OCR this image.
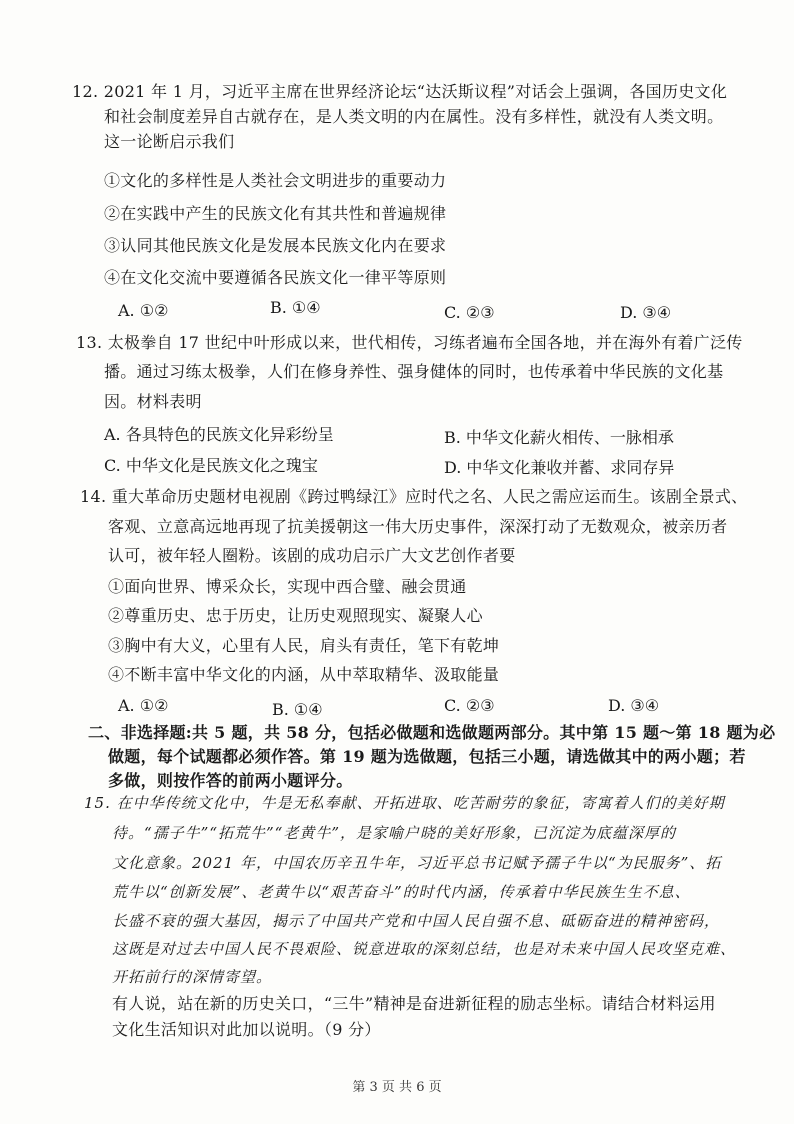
12. 2021 年 1 月，习近平主席在世界经济论坛“达沃斯议程”对话会上强调，各国历史文化
和社会制度差异自古就存在，是人类文明的内在属性。没有多样性，就没有人类文明。
这一论断启示我们
①文化的多样性是人类社会文明进步的重要动力
②在实践中产生的民族文化有其共性和普遍规律
③认同其他民族文化是发展本民族文化内在要求
④在文化交流中要遵循各民族文化一律平等原则
A. ①②	B. ①④	C. ②③	D. ③④
13. 太极拳自 17 世纪中叶形成以来，世代相传，习练者遍布全国各地，并在海外有着广泛传
播。通过习练太极拳，人们在修身养性、强身健体的同时，也传承着中华民族的文化基
因。材料表明
A. 各具特色的民族文化异彩纷呈	B. 中华文化薪火相传、一脉相承
C. 中华文化是民族文化之瑰宝	D. 中华文化兼收并蓄、求同存异
14. 重大革命历史题材电视剧《跨过鸭绿江》应时代之名、人民之需应运而生。该剧全景式、
客观、立意高远地再现了抗美援朝这一伟大历史事件，深深打动了无数观众，被亲历者
认可，被年轻人圈粉。该剧的成功启示广大文艺创作者要
①面向世界、博采众长，实现中西合璧、融会贯通
②尊重历史、忠于历史，让历史观照现实、凝聚人心
③胸中有大义，心里有人民，肩头有责任，笔下有乾坤
④不断丰富中华文化的内涵，从中萃取精华、汲取能量
A. ①②	B. ①④	C. ②③	D. ③④
二、非选择题:共 5 题，共 58 分，包括必做题和选做题两部分。其中第 15 题～第 18 题为必
做题，每个试题都必须作答。第 19 题为选做题，包括三小题，请选做其中的两小题；若
多做，则按作答的前两小题评分。
15. 在中华传统文化中，牛是无私奉献、开拓进取、吃苦耐劳的象征，寄寓着人们的美好期
待。“孺子牛”“拓荒牛”“老黄牛”，是家喻户晓的美好形象，已沉淀为底蕴深厚的
文化意象。2021 年，中国农历辛丑牛年，习近平总书记赋予孺子牛以“为民服务”、拓
荒牛以“创新发展”、老黄牛以“艰苦奋斗”的时代内涵，传承着中华民族生生不息、
长盛不衰的强大基因，揭示了中国共产党和中国人民自强不息、砥砺奋进的精神密码，
这既是对过去中国人民不畏艰险、锐意进取的深刻总结，也是对未来中国人民攻坚克难、
开拓前行的深情寄望。
有人说，站在新的历史关口，“三牛”精神是奋进新征程的励志坐标。请结合材料运用
文化生活知识对此加以说明。（9 分）
第 3 页 共 6 页
